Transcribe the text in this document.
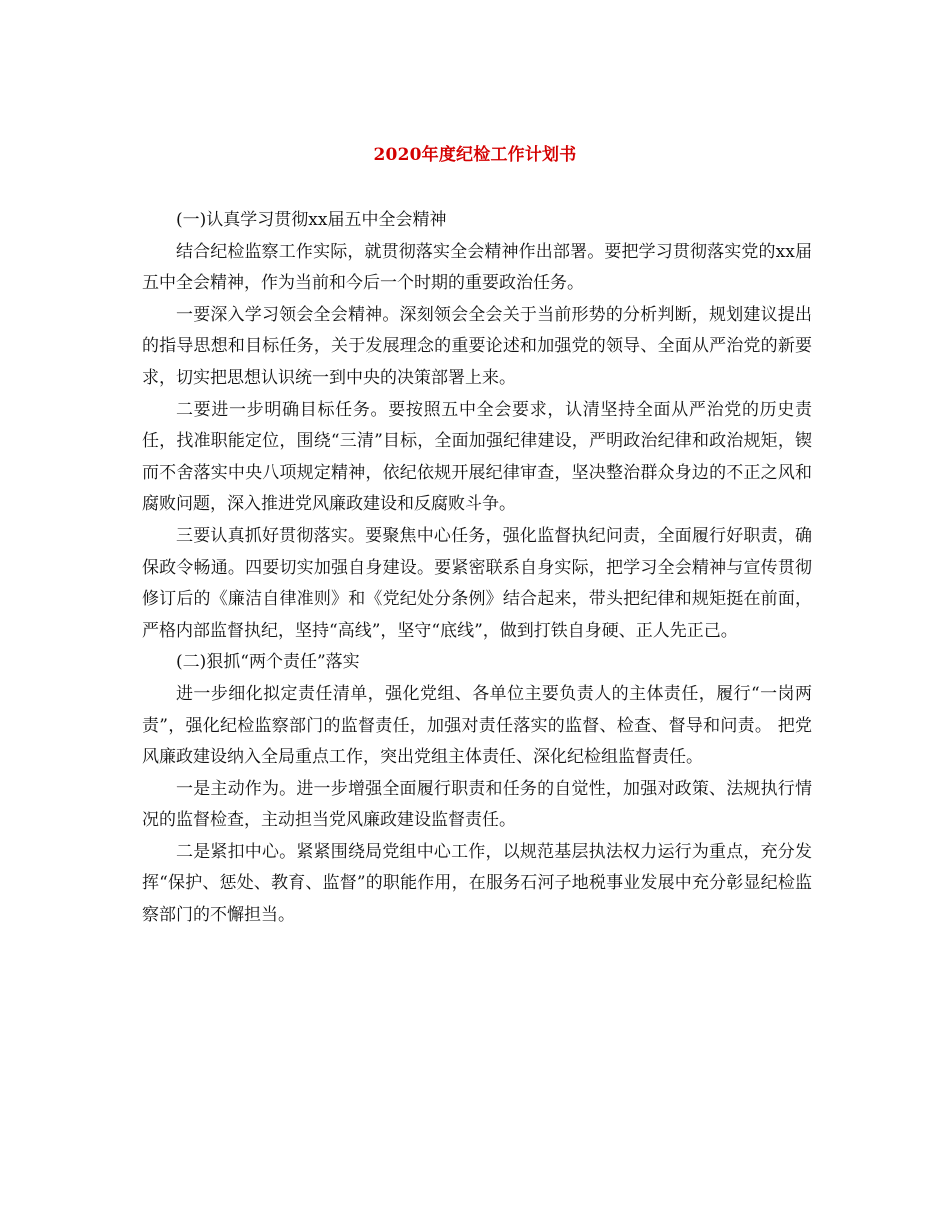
2020年度纪检工作计划书

(一)认真学习贯彻xx届五中全会精神

结合纪检监察工作实际，就贯彻落实全会精神作出部署。要把学习贯彻落实党的xx届五中全会精神，作为当前和今后一个时期的重要政治任务。

一要深入学习领会全会精神。深刻领会全会关于当前形势的分析判断，规划建议提出的指导思想和目标任务，关于发展理念的重要论述和加强党的领导、全面从严治党的新要求，切实把思想认识统一到中央的决策部署上来。

二要进一步明确目标任务。要按照五中全会要求，认清坚持全面从严治党的历史责任，找准职能定位，围绕“三清”目标，全面加强纪律建设，严明政治纪律和政治规矩，锲而不舍落实中央八项规定精神，依纪依规开展纪律审查，坚决整治群众身边的不正之风和腐败问题，深入推进党风廉政建设和反腐败斗争。

三要认真抓好贯彻落实。要聚焦中心任务，强化监督执纪问责，全面履行好职责，确保政令畅通。四要切实加强自身建设。要紧密联系自身实际，把学习全会精神与宣传贯彻修订后的《廉洁自律准则》和《党纪处分条例》结合起来，带头把纪律和规矩挺在前面，严格内部监督执纪，坚持“高线”，坚守“底线”，做到打铁自身硬、正人先正己。

(二)狠抓“两个责任”落实

进一步细化拟定责任清单，强化党组、各单位主要负责人的主体责任，履行“一岗两责”，强化纪检监察部门的监督责任，加强对责任落实的监督、检查、督导和问责。 把党风廉政建设纳入全局重点工作，突出党组主体责任、深化纪检组监督责任。

一是主动作为。进一步增强全面履行职责和任务的自觉性，加强对政策、法规执行情况的监督检查，主动担当党风廉政建设监督责任。

二是紧扣中心。紧紧围绕局党组中心工作，以规范基层执法权力运行为重点，充分发挥“保护、惩处、教育、监督”的职能作用，在服务石河子地税事业发展中充分彰显纪检监察部门的不懈担当。
